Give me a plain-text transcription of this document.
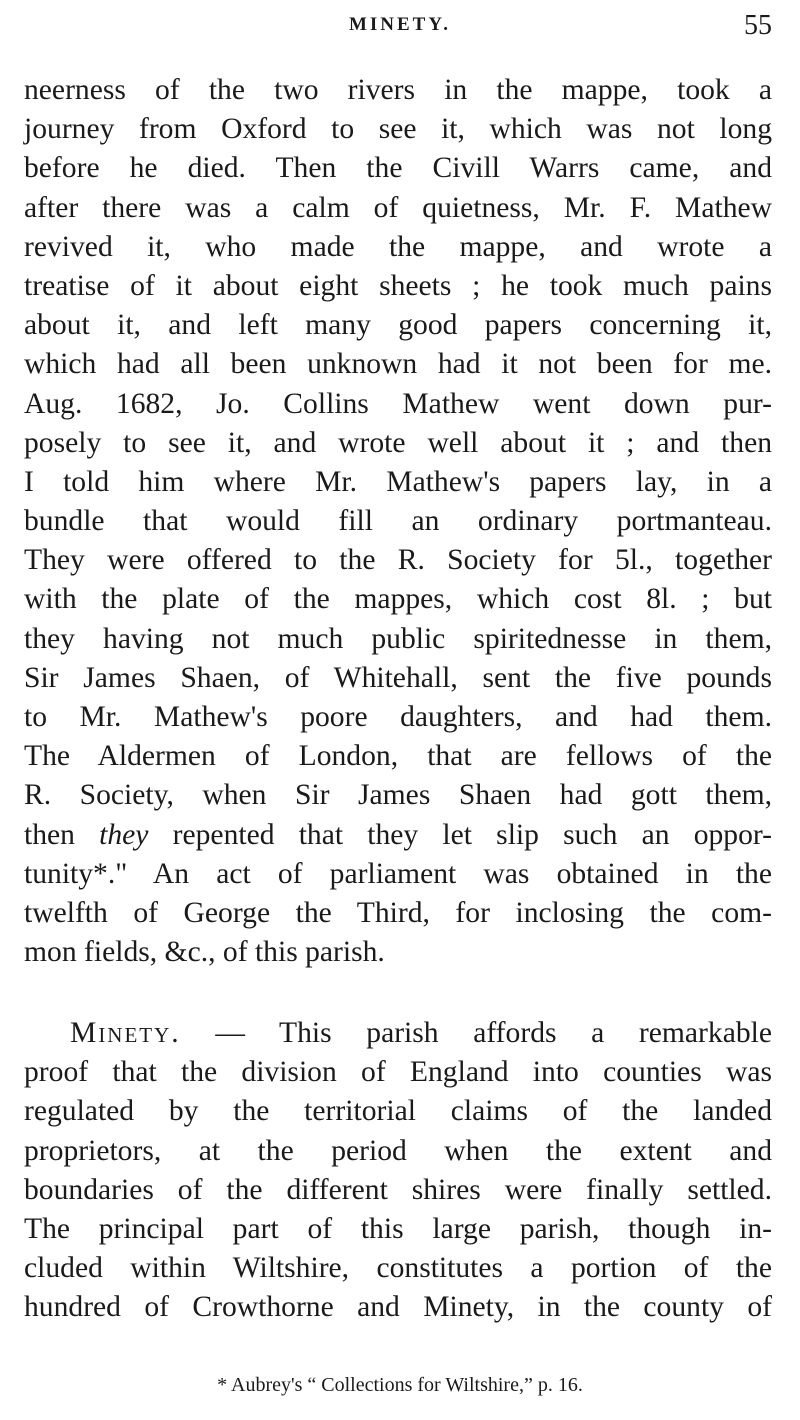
MINETY.	55
neerness of the two rivers in the mappe, took a
journey from Oxford to see it, which was not long
before he died. Then the Civill Warrs came, and
after there was a calm of quietness, Mr. F. Mathew
revived it, who made the mappe, and wrote a
treatise of it about eight sheets ; he took much pains
about it, and left many good papers concerning it,
which had all been unknown had it not been for me.
Aug. 1682, Jo. Collins Mathew went down pur-
posely to see it, and wrote well about it ; and then
I told him where Mr. Mathew's papers lay, in a
bundle that would fill an ordinary portmanteau.
They were offered to the R. Society for 5l., together
with the plate of the mappes, which cost 8l. ; but
they having not much public spiritednesse in them,
Sir James Shaen, of Whitehall, sent the five pounds
to Mr. Mathew's poore daughters, and had them.
The Aldermen of London, that are fellows of the
R. Society, when Sir James Shaen had gott them,
then they repented that they let slip such an oppor-
tunity*." An act of parliament was obtained in the
twelfth of George the Third, for inclosing the com-
mon fields, &c., of this parish.
Minety. — This parish affords a remarkable
proof that the division of England into counties was
regulated by the territorial claims of the landed
proprietors, at the period when the extent and
boundaries of the different shires were finally settled.
The principal part of this large parish, though in-
cluded within Wiltshire, constitutes a portion of the
hundred of Crowthorne and Minety, in the county of
* Aubrey's “ Collections for Wiltshire,” p. 16.
